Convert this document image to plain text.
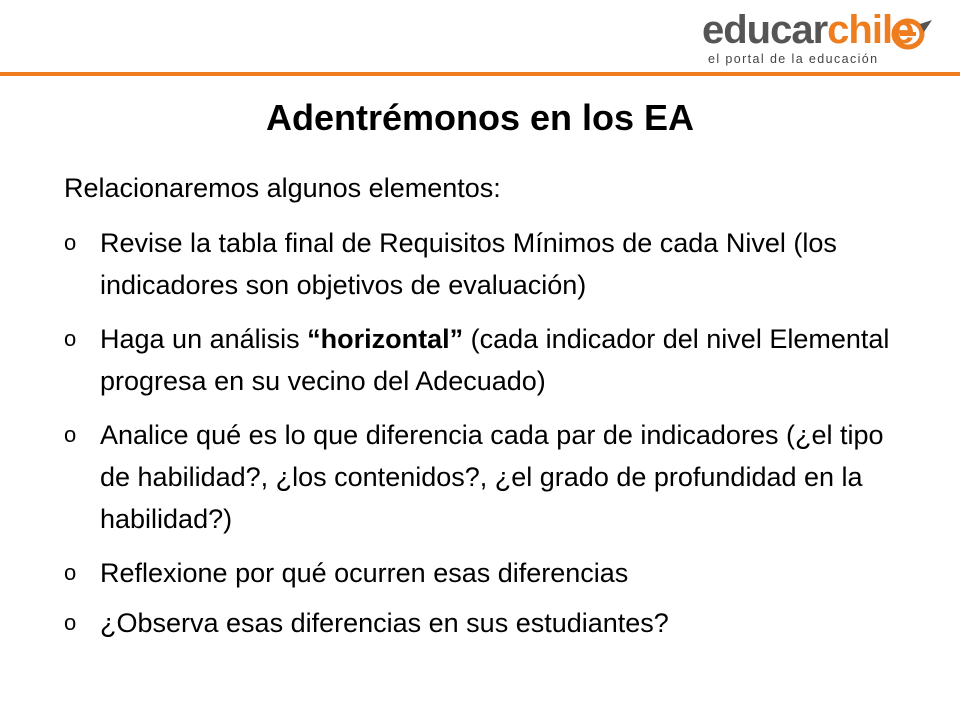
educarchile
el portal de la educación
Adentrémonos en los EA
Relacionaremos algunos elementos:
o Revise la tabla final de Requisitos Mínimos de cada Nivel (los indicadores son objetivos de evaluación)
o Haga un análisis “horizontal” (cada indicador del nivel Elemental progresa en su vecino del Adecuado)
o Analice qué es lo que diferencia cada par de indicadores (¿el tipo de habilidad?, ¿los contenidos?, ¿el grado de profundidad en la habilidad?)
o Reflexione por qué ocurren esas diferencias
o ¿Observa esas diferencias en sus estudiantes?
